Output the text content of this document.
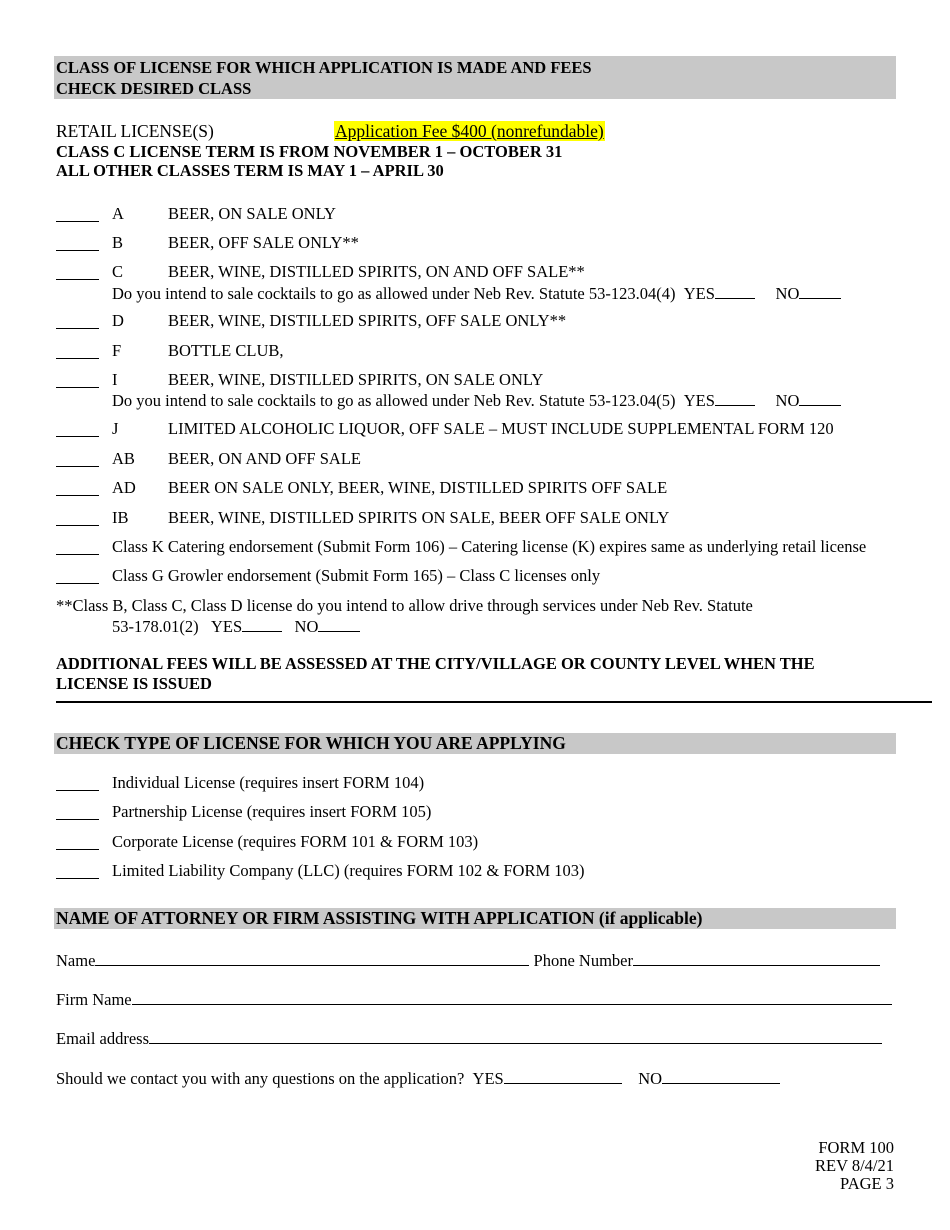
CLASS OF LICENSE FOR WHICH APPLICATION IS MADE AND FEES
CHECK DESIRED CLASS
RETAIL LICENSE(S)	Application Fee $400 (nonrefundable)
CLASS C LICENSE TERM IS FROM NOVEMBER 1 – OCTOBER 31
ALL OTHER CLASSES TERM IS MAY 1 – APRIL 30
A	BEER, ON SALE ONLY
B	BEER, OFF SALE ONLY**
C	BEER, WINE, DISTILLED SPIRITS, ON AND OFF SALE**
D	BEER, WINE, DISTILLED SPIRITS, OFF SALE ONLY**
F	BOTTLE CLUB,
I	BEER, WINE, DISTILLED SPIRITS, ON SALE ONLY
J	LIMITED ALCOHOLIC LIQUOR, OFF SALE – MUST INCLUDE SUPPLEMENTAL FORM 120
AB BEER, ON AND OFF SALE
AD BEER ON SALE ONLY, BEER, WINE, DISTILLED SPIRITS OFF SALE
IB BEER, WINE, DISTILLED SPIRITS ON SALE, BEER OFF SALE ONLY
Do you intend to sale cocktails to go as allowed under Neb Rev. Statute 53-123.04(4) YES	NO
Do you intend to sale cocktails to go as allowed under Neb Rev. Statute 53-123.04(5) YES	NO
Class K Catering endorsement (Submit Form 106) – Catering license (K) expires same as underlying retail license
Class G Growler endorsement (Submit Form 165) – Class C licenses only
**Class B, Class C, Class D license do you intend to allow drive through services under Neb Rev. Statute
53-178.01(2) YES	NO
ADDITIONAL FEES WILL BE ASSESSED AT THE CITY/VILLAGE OR COUNTY LEVEL WHEN THE
LICENSE IS ISSUED
CHECK TYPE OF LICENSE FOR WHICH YOU ARE APPLYING
Individual License (requires insert FORM 104)
Partnership License (requires insert FORM 105)
Corporate License (requires FORM 101 & FORM 103)
Limited Liability Company (LLC) (requires FORM 102 & FORM 103)
NAME OF ATTORNEY OR FIRM ASSISTING WITH APPLICATION (if applicable)
Name	Phone Number
Firm Name
Email address
Should we contact you with any questions on the application? YES	NO
FORM 100
REV 8/4/21
PAGE 3
